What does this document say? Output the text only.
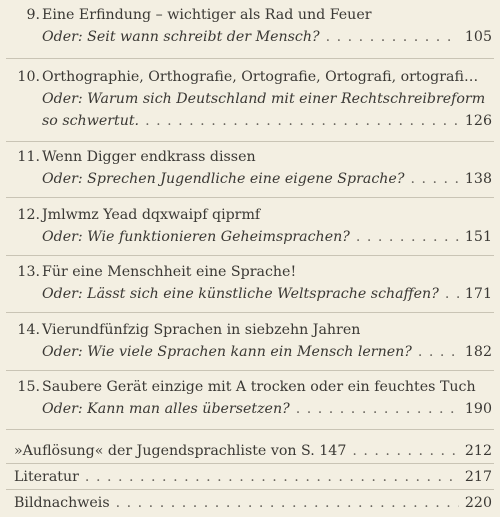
9. Eine Erfindung – wichtiger als Rad und Feuer
Oder: Seit wann schreibt der Mensch? . . .	105
10. Orthographie, Orthografie, Ortografie, Ortografi, ortografi…
Oder: Warum sich Deutschland mit einer Rechtschreibreform
so schwertut. . . .	126
11. Wenn Digger endkrass dissen
Oder: Sprechen Jugendliche eine eigene Sprache? . . .	138
12. Jmlwmz Yead dqxwaipf qiprmf
Oder: Wie funktionieren Geheimsprachen? . . .	151
13. Für eine Menschheit eine Sprache!
Oder: Lässt sich eine künstliche Weltsprache schaffen? . . . 171
14. Vierundfünfzig Sprachen in siebzehn Jahren
Oder: Wie viele Sprachen kann ein Mensch lernen? . . .	182
15. Saubere Gerät einzige mit A trocken oder ein feuchtes Tuch
Oder: Kann man alles übersetzen? . . .	190
»Auflösung« der Jugendsprachliste von S. 147 . . .	212
Literatur . . .	217
Bildnachweis . . .	220
